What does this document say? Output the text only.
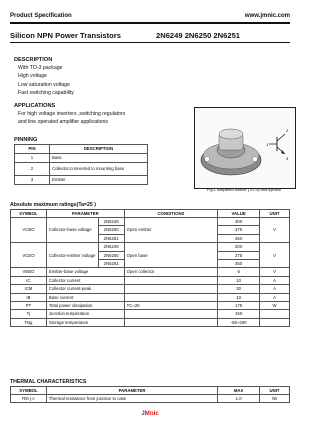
Product Specification	www.jmnic.com
Silicon NPN Power Transistors	2N6249 2N6250 2N6251
DESCRIPTION
With TO-3 package
High voltage
Low saturation voltage
Fast switching capability
APPLICATIONS
For high voltage inverters ,switching regulators
and line operated amplifier applications
PINNING
PIN	DESCRIPTION
1	Base
2	Collector;connected to mounting base
3	Emitter
1
2
3
Fig.1 simplified outline (TO-3) and symbol
Absolute maximum ratings(Ta=25 )
SYMBOL	PARAMETER		CONDITIONS	VALUE	UNIT
VCBO	Collector-base voltage	2N6249	Open emitter	300	V
		2N6250		375	
		2N6251		450	
VCEO	Collector-emitter voltage	2N6249	Open base	200	V
		2N6250		275	
		2N6251		350	
VEBO	Emitter-base voltage		Open collector	6	V
IC	Collector current			10	A
ICM	Collector current-peak			30	A
IB	Base current			10	A
PT	Total power dissipation		TC=25	175	W
Tj	Junction temperature			150	
Tstg	Storage temperature			-65~200	
THERMAL CHARACTERISTICS
SYMBOL	PARAMETER	MAX	UNIT
Rth j-c	Thermal resistance from junction to case	1.0	/W
JMnic
